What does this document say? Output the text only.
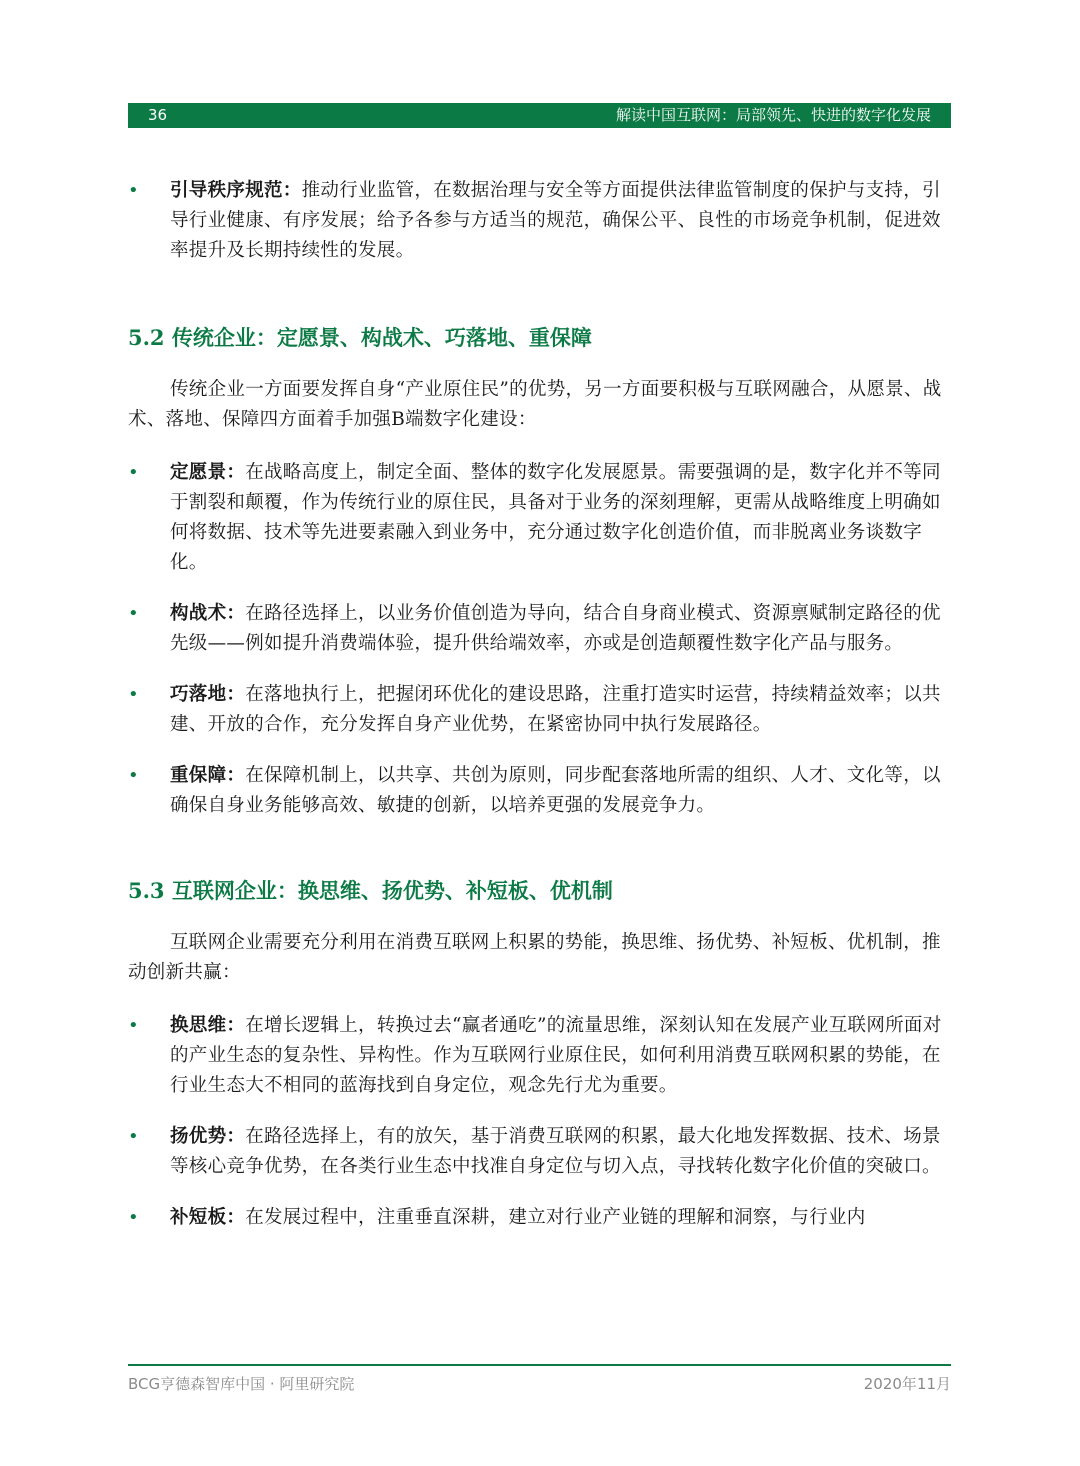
36	解读中国互联网：局部领先、快进的数字化发展
• 引导秩序规范：推动行业监管，在数据治理与安全等方面提供法律监管制度的保护与支持，引导行业健康、有序发展；给予各参与方适当的规范，确保公平、良性的市场竞争机制，促进效率提升及长期持续性的发展。
5.2 传统企业：定愿景、构战术、巧落地、重保障
传统企业一方面要发挥自身“产业原住民”的优势，另一方面要积极与互联网融合，从愿景、战术、落地、保障四方面着手加强B端数字化建设：
• 定愿景：在战略高度上，制定全面、整体的数字化发展愿景。需要强调的是，数字化并不等同于割裂和颠覆，作为传统行业的原住民，具备对于业务的深刻理解，更需从战略维度上明确如何将数据、技术等先进要素融入到业务中，充分通过数字化创造价值，而非脱离业务谈数字化。
• 构战术：在路径选择上，以业务价值创造为导向，结合自身商业模式、资源禀赋制定路径的优先级——例如提升消费端体验，提升供给端效率，亦或是创造颠覆性数字化产品与服务。
• 巧落地：在落地执行上，把握闭环优化的建设思路，注重打造实时运营，持续精益效率；以共建、开放的合作，充分发挥自身产业优势，在紧密协同中执行发展路径。
• 重保障：在保障机制上，以共享、共创为原则，同步配套落地所需的组织、人才、文化等，以确保自身业务能够高效、敏捷的创新，以培养更强的发展竞争力。
5.3 互联网企业：换思维、扬优势、补短板、优机制
互联网企业需要充分利用在消费互联网上积累的势能，换思维、扬优势、补短板、优机制，推动创新共赢：
• 换思维：在增长逻辑上，转换过去“赢者通吃”的流量思维，深刻认知在发展产业互联网所面对的产业生态的复杂性、异构性。作为互联网行业原住民，如何利用消费互联网积累的势能，在行业生态大不相同的蓝海找到自身定位，观念先行尤为重要。
• 扬优势：在路径选择上，有的放矢，基于消费互联网的积累，最大化地发挥数据、技术、场景等核心竞争优势，在各类行业生态中找准自身定位与切入点，寻找转化数字化价值的突破口。
• 补短板：在发展过程中，注重垂直深耕，建立对行业产业链的理解和洞察，与行业内
BCG亨德森智库中国 · 阿里研究院	2020年11月
